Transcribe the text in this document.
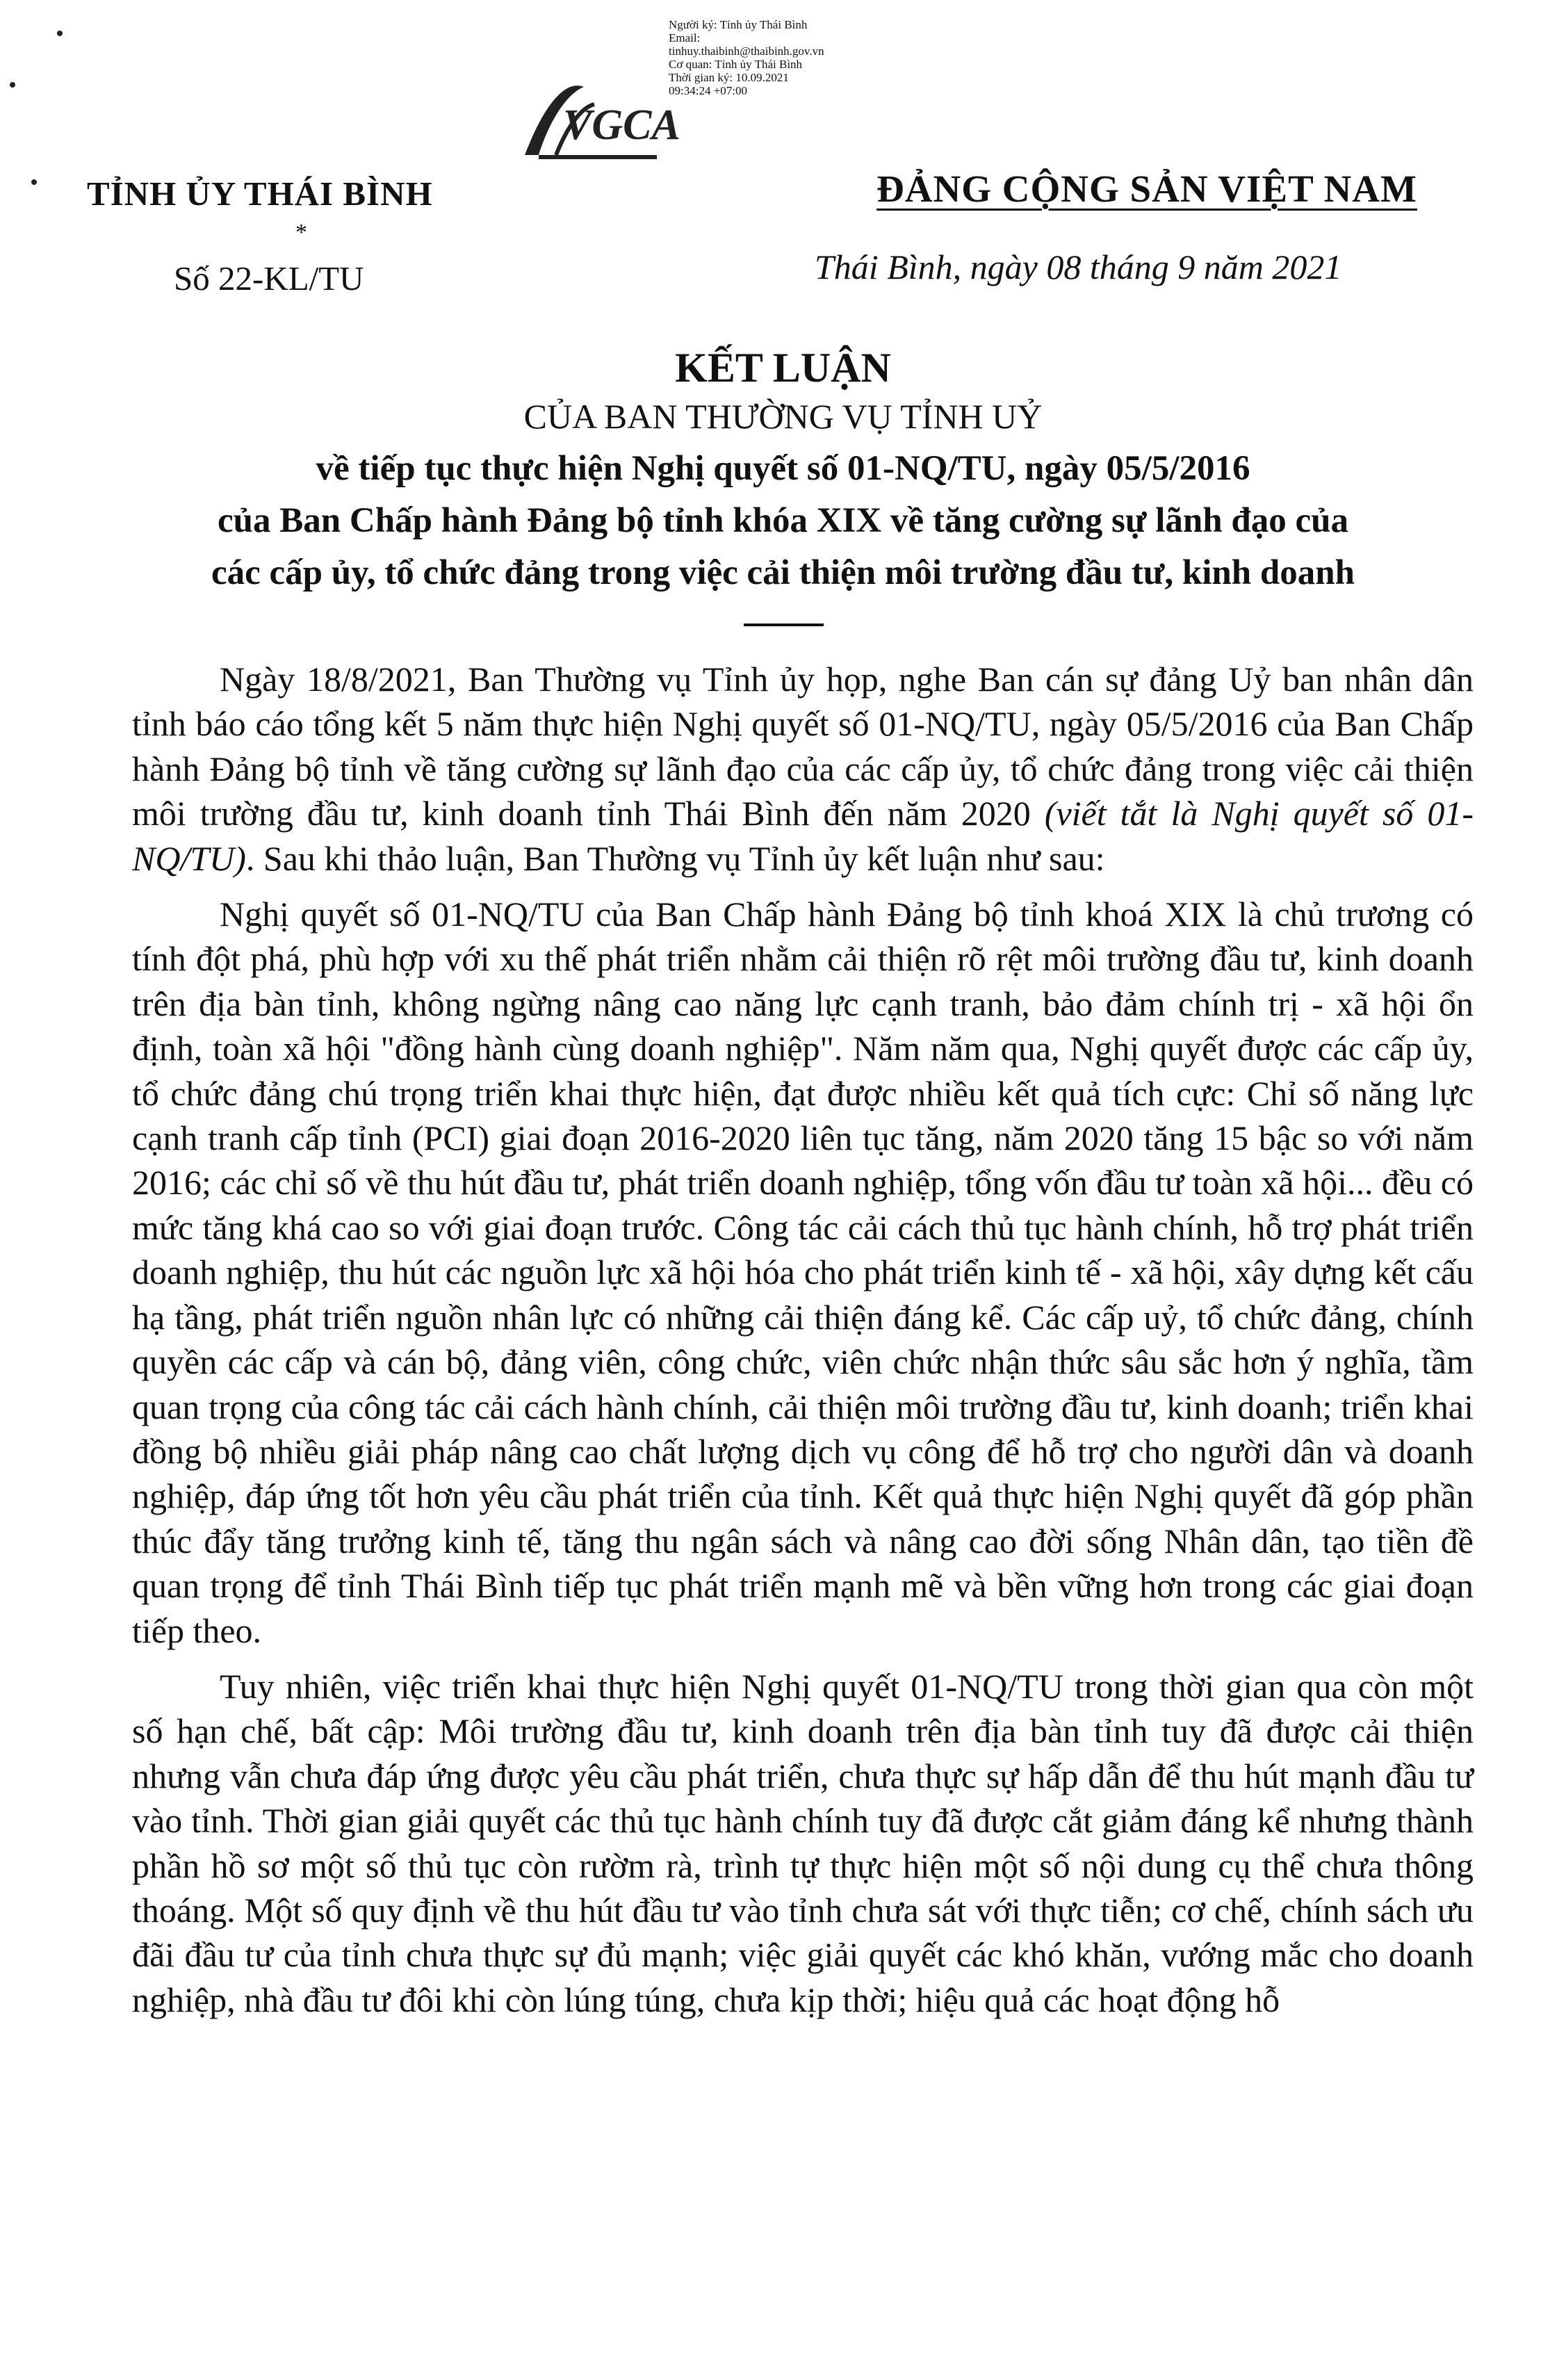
VGCA
Người ký: Tỉnh ủy Thái Bình
Email: tinhuy.thaibinh@thaibinh.gov.vn
Cơ quan: Tỉnh ủy Thái Bình
Thời gian ký: 10.09.2021 09:34:24 +07:00
TỈNH ỦY THÁI BÌNH
*
Số 22-KL/TU
ĐẢNG CỘNG SẢN VIỆT NAM
Thái Bình, ngày 08 tháng 9 năm 2021
KẾT LUẬN
CỦA BAN THƯỜNG VỤ TỈNH UỶ
về tiếp tục thực hiện Nghị quyết số 01-NQ/TU, ngày 05/5/2016
của Ban Chấp hành Đảng bộ tỉnh khóa XIX về tăng cường sự lãnh đạo của
các cấp ủy, tổ chức đảng trong việc cải thiện môi trường đầu tư, kinh doanh

Ngày 18/8/2021, Ban Thường vụ Tỉnh ủy họp, nghe Ban cán sự đảng Uỷ ban nhân dân tỉnh báo cáo tổng kết 5 năm thực hiện Nghị quyết số 01-NQ/TU, ngày 05/5/2016 của Ban Chấp hành Đảng bộ tỉnh về tăng cường sự lãnh đạo của các cấp ủy, tổ chức đảng trong việc cải thiện môi trường đầu tư, kinh doanh tỉnh Thái Bình đến năm 2020 (viết tắt là Nghị quyết số 01-NQ/TU). Sau khi thảo luận, Ban Thường vụ Tỉnh ủy kết luận như sau:

Nghị quyết số 01-NQ/TU của Ban Chấp hành Đảng bộ tỉnh khoá XIX là chủ trương có tính đột phá, phù hợp với xu thế phát triển nhằm cải thiện rõ rệt môi trường đầu tư, kinh doanh trên địa bàn tỉnh, không ngừng nâng cao năng lực cạnh tranh, bảo đảm chính trị - xã hội ổn định, toàn xã hội "đồng hành cùng doanh nghiệp". Năm năm qua, Nghị quyết được các cấp ủy, tổ chức đảng chú trọng triển khai thực hiện, đạt được nhiều kết quả tích cực: Chỉ số năng lực cạnh tranh cấp tỉnh (PCI) giai đoạn 2016-2020 liên tục tăng, năm 2020 tăng 15 bậc so với năm 2016; các chỉ số về thu hút đầu tư, phát triển doanh nghiệp, tổng vốn đầu tư toàn xã hội... đều có mức tăng khá cao so với giai đoạn trước. Công tác cải cách thủ tục hành chính, hỗ trợ phát triển doanh nghiệp, thu hút các nguồn lực xã hội hóa cho phát triển kinh tế - xã hội, xây dựng kết cấu hạ tầng, phát triển nguồn nhân lực có những cải thiện đáng kể. Các cấp uỷ, tổ chức đảng, chính quyền các cấp và cán bộ, đảng viên, công chức, viên chức nhận thức sâu sắc hơn ý nghĩa, tầm quan trọng của công tác cải cách hành chính, cải thiện môi trường đầu tư, kinh doanh; triển khai đồng bộ nhiều giải pháp nâng cao chất lượng dịch vụ công để hỗ trợ cho người dân và doanh nghiệp, đáp ứng tốt hơn yêu cầu phát triển của tỉnh. Kết quả thực hiện Nghị quyết đã góp phần thúc đẩy tăng trưởng kinh tế, tăng thu ngân sách và nâng cao đời sống Nhân dân, tạo tiền đề quan trọng để tỉnh Thái Bình tiếp tục phát triển mạnh mẽ và bền vững hơn trong các giai đoạn tiếp theo.

Tuy nhiên, việc triển khai thực hiện Nghị quyết 01-NQ/TU trong thời gian qua còn một số hạn chế, bất cập: Môi trường đầu tư, kinh doanh trên địa bàn tỉnh tuy đã được cải thiện nhưng vẫn chưa đáp ứng được yêu cầu phát triển, chưa thực sự hấp dẫn để thu hút mạnh đầu tư vào tỉnh. Thời gian giải quyết các thủ tục hành chính tuy đã được cắt giảm đáng kể nhưng thành phần hồ sơ một số thủ tục còn rườm rà, trình tự thực hiện một số nội dung cụ thể chưa thông thoáng. Một số quy định về thu hút đầu tư vào tỉnh chưa sát với thực tiễn; cơ chế, chính sách ưu đãi đầu tư của tỉnh chưa thực sự đủ mạnh; việc giải quyết các khó khăn, vướng mắc cho doanh nghiệp, nhà đầu tư đôi khi còn lúng túng, chưa kịp thời; hiệu quả các hoạt động hỗ
